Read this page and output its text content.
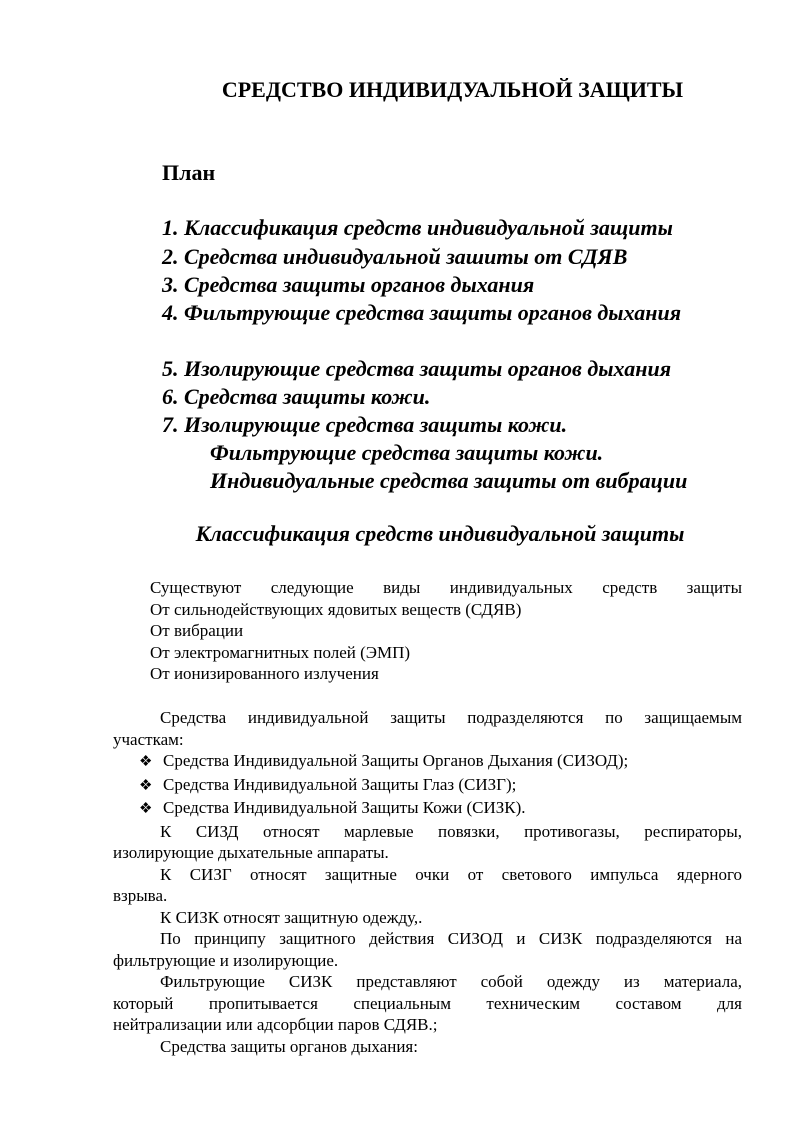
СРЕДСТВО ИНДИВИДУАЛЬНОЙ ЗАЩИТЫ
План
1. Классификация средств индивидуальной защиты
2. Средства индивидуальной зашиты от СДЯВ
3. Средства защиты органов дыхания
4. Фильтрующие средства защиты органов дыхания
5. Изолирующие средства защиты органов дыхания
6. Средства защиты кожи.
7. Изолирующие средства защиты кожи.
Фильтрующие средства защиты кожи.
Индивидуальные средства защиты от вибрации
Классификация средств индивидуальной защиты
Существуют следующие виды индивидуальных средств защиты
От сильнодействующих ядовитых веществ (СДЯВ)
От вибрации
От электромагнитных полей (ЭМП)
От ионизированного излучения
Средства индивидуальной защиты подразделяются по защищаемым
участкам:
❖ Средства Индивидуальной Защиты Органов Дыхания (СИЗОД);
❖ Средства Индивидуальной Защиты Глаз (СИЗГ);
❖ Средства Индивидуальной Защиты Кожи (СИЗК).
К СИЗД относят марлевые повязки, противогазы, респираторы,
изолирующие дыхательные аппараты.
К СИЗГ относят защитные очки от светового импульса ядерного
взрыва.
К СИЗК относят защитную одежду,.
По принципу защитного действия СИЗОД и СИЗК подразделяются на
фильтрующие и изолирующие.
Фильтрующие СИЗК представляют собой одежду из материала,
который пропитывается специальным техническим составом для
нейтрализации или адсорбции паров СДЯВ.;
Средства защиты органов дыхания:
